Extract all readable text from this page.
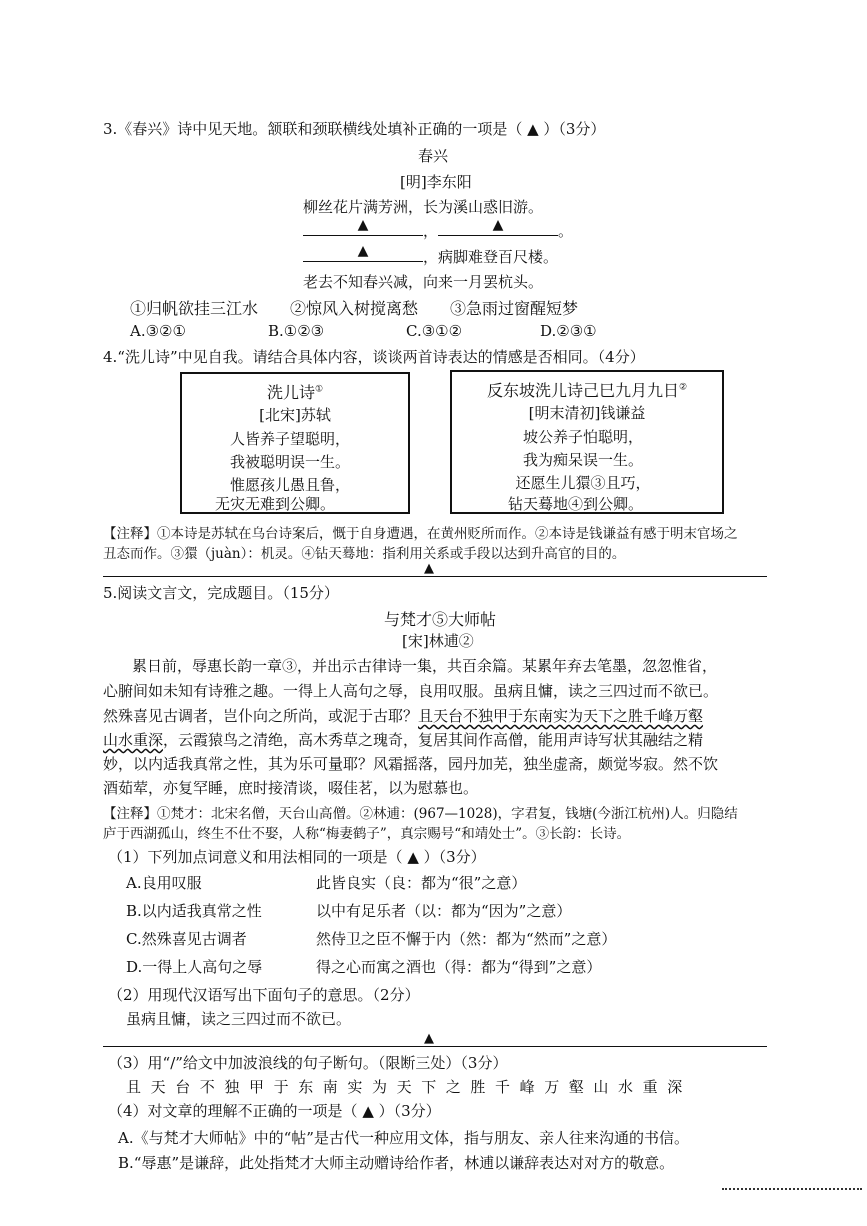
3.《春兴》诗中见天地。颔联和颈联横线处填补正确的一项是（ ▲ ）（3分）
春兴
[明]李东阳
柳丝花片满芳洲，长为溪山惑旧游。
▲	，	▲	。
▲	，病脚难登百尺楼。
老去不知春兴减，向来一月罢杭头。
①归帆欲挂三江水　　②惊风入树搅离愁　　③急雨过窗醒短梦
A.③②①	B.①②③	C.③①②	D.②③①
4.“洗儿诗”中见自我。请结合具体内容，谈谈两首诗表达的情感是否相同。（4分）
洗儿诗①
[北宋]苏轼
人皆养子望聪明，
我被聪明误一生。
惟愿孩儿愚且鲁，
无灾无难到公卿。
反东坡洗儿诗己巳九月九日②
[明末清初]钱谦益
坡公养子怕聪明，
我为痴呆误一生。
还愿生儿獧③且巧，
钻天蓦地④到公卿。
【注释】①本诗是苏轼在乌台诗案后，慨于自身遭遇，在黄州贬所而作。②本诗是钱谦益有感于明末官场之
丑态而作。③獧（juàn）：机灵。④钻天蓦地：指利用关系或手段以达到升高官的目的。
▲
5.阅读文言文，完成题目。（15分）
与梵才⑤大师帖
[宋]林逋②
累日前，辱惠长韵一章③，并出示古律诗一集，共百余篇。某累年弃去笔墨，忽忽惟省，
心腑间如未知有诗雅之趣。一得上人高句之辱，良用叹服。虽病且慵，读之三四过而不欲已。
然殊喜见古调者，岂仆向之所尚，或泥于古耶？且天台不独甲于东南实为天下之胜千峰万壑
山水重深，云霞猿鸟之清绝，高木秀草之瑰奇，复居其间作高僧，能用声诗写状其融结之精
妙，以内适我真常之性，其为乐可量耶？风霜摇落，园丹加芜，独坐虚斋，颇觉岑寂。然不饮
酒茹荤，亦复罕睡，庶时接清谈，啜佳茗，以为慰慕也。
【注释】①梵才：北宋名僧，天台山高僧。②林逋：(967—1028)，字君复，钱塘(今浙江杭州)人。归隐结
庐于西湖孤山，终生不仕不娶，人称“梅妻鹤子”，真宗赐号“和靖处士”。③长韵：长诗。
（1）下列加点词意义和用法相同的一项是（ ▲ ）（3分）
A.良用叹服	此皆良实（良：都为“很”之意）
B.以内适我真常之性	以中有足乐者（以：都为“因为”之意）
C.然殊喜见古调者	然侍卫之臣不懈于内（然：都为“然而”之意）
D.一得上人高句之辱	得之心而寓之酒也（得：都为“得到”之意）
（2）用现代汉语写出下面句子的意思。（2分）
虽病且慵，读之三四过而不欲已。
▲
（3）用“/”给文中加波浪线的句子断句。（限断三处）（3分）
且天台不独甲于东南实为天下之胜千峰万壑山水重深
（4）对文章的理解不正确的一项是（ ▲ ）（3分）
A.《与梵才大师帖》中的“帖”是古代一种应用文体，指与朋友、亲人往来沟通的书信。
B.“辱惠”是谦辞，此处指梵才大师主动赠诗给作者，林逋以谦辞表达对对方的敬意。
